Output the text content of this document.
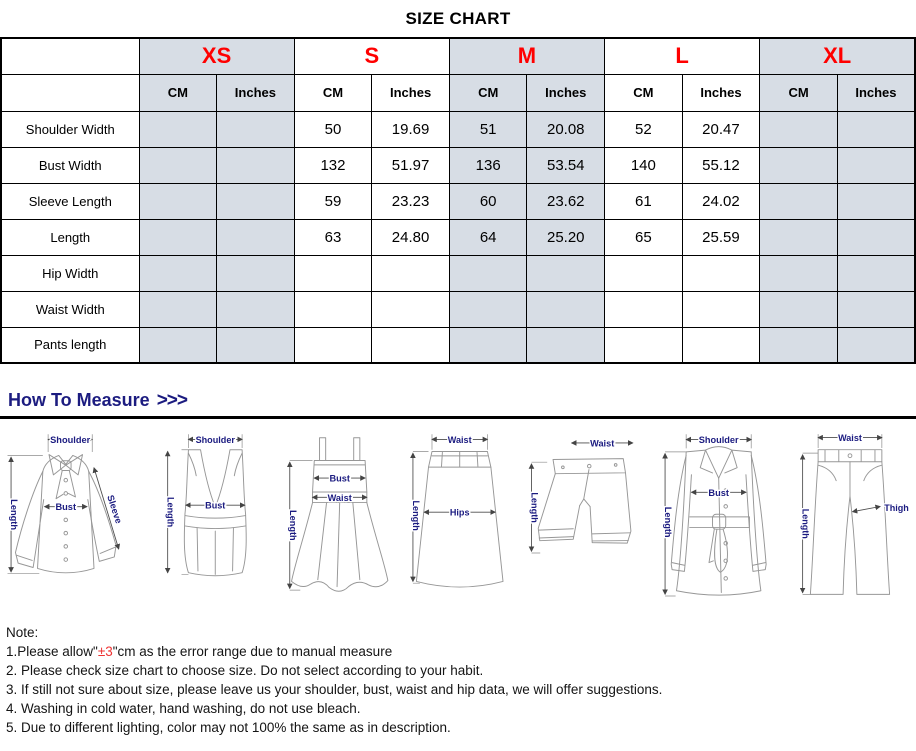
SIZE CHART
	XS		S		M		L		XL	
	CM	Inches	CM	Inches	CM	Inches	CM	Inches	CM	Inches
Shoulder Width			50	19.69	51	20.08	52	20.47		
Bust Width			132	51.97	136	53.54	140	55.12		
Sleeve Length			59	23.23	60	23.62	61	24.02		
Length			63	24.80	64	25.20	65	25.59		
Hip Width										
Waist Width										
Pants length										
How To Measure >>>
Shoulder
Length	Bust	Sleeve
Shoulder
Length	Bust
Bust
Waist
Length
Waist
Length	Hips
Waist
Length
Shoulder
Length
Bust
Waist
Length
Thigh
Note:
1.Please allow"±3"cm as the error range due to manual measure
2. Please check size chart to choose size. Do not select according to your habit.
3. If still not sure about size, please leave us your shoulder, bust, waist and hip data, we will offer suggestions.
4. Washing in cold water, hand washing, do not use bleach.
5. Due to different lighting, color may not 100% the same as in description.
